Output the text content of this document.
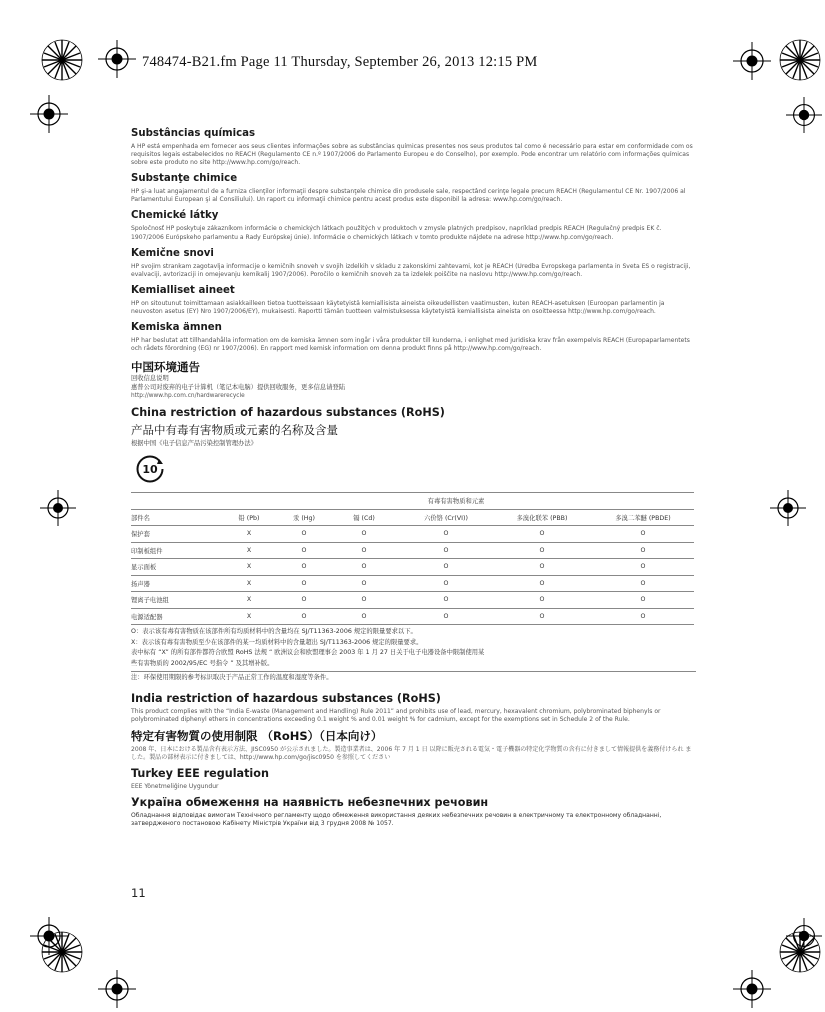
748474-B21.fm Page 11 Thursday, September 26, 2013 12:15 PM

Substâncias químicas

A HP está empenhada em fornecer aos seus clientes informações sobre as substâncias químicas presentes nos seus produtos tal como é necessário para estar em conformidade com os requisitos legais estabelecidos no REACH (Regulamento CE n.º 1907/2006 do Parlamento Europeu e do Conselho), por exemplo. Pode encontrar um relatório com informações químicas sobre este produto no site http://www.hp.com/go/reach.

Substanţe chimice

HP şi-a luat angajamentul de a furniza clienţilor informaţii despre substanţele chimice din produsele sale, respectând cerinţe legale precum REACH (Regulamentul CE Nr. 1907/2006 al Parlamentului European şi al Consiliului). Un raport cu informaţii chimice pentru acest produs este disponibil la adresa: www.hp.com/go/reach.

Chemické látky

Spoločnosť HP poskytuje zákazníkom informácie o chemických látkach použitých v produktoch v zmysle platných predpisov, napríklad predpis REACH (Regulačný predpis EK č. 1907/2006 Európskeho parlamentu a Rady Európskej únie). Informácie o chemických látkach v tomto produkte nájdete na adrese http://www.hp.com/go/reach.

Kemične snovi

HP svojim strankam zagotavlja informacije o kemičnih snoveh v svojih izdelkih v skladu z zakonskimi zahtevami, kot je REACH (Uredba Evropskega parlamenta in Sveta ES o registraciji, evalvaciji, avtorizaciji in omejevanju kemikalij 1907/2006). Poročilo o kemičnih snoveh za ta izdelek poiščite na naslovu http://www.hp.com/go/reach.

Kemialliset aineet

HP on sitoutunut toimittamaan asiakkailleen tietoa tuotteissaan käytetyistä kemiallisista aineista oikeudellisten vaatimusten, kuten REACH-asetuksen (Euroopan parlamentin ja neuvoston asetus (EY) Nro 1907/2006/EY), mukaisesti. Raportti tämän tuotteen valmistuksessa käytetyistä kemiallisista aineista on osoitteessa http://www.hp.com/go/reach.

Kemiska ämnen

HP har beslutat att tillhandahålla information om de kemiska ämnen som ingår i våra produkter till kunderna, i enlighet med juridiska krav från exempelvis REACH (Europaparlamentets och rådets förordning (EG) nr 1907/2006). En rapport med kemisk information om denna produkt finns på http://www.hp.com/go/reach.

中国环境通告

回收信息说明
惠普公司对废弃的电子计算机（笔记本电脑）提供回收服务，更多信息请登陆
http://www.hp.com.cn/hardwarerecycle

China restriction of hazardous substances (RoHS)

产品中有毒有害物质或元素的名称及含量

根据中国《电子信息产品污染控制管理办法》
10
	有毒有害物质和元素					
部件名	铅 (Pb)	汞 (Hg)	镉 (Cd)	六价铬 (Cr(VI))	多溴化联苯 (PBB)	多溴二苯醚 (PBDE)
保护套	X	O	O	O	O	O
印制板组件	X	O	O	O	O	O
显示面板	X	O	O	O	O	O
扬声器	X	O	O	O	O	O
锂离子电池组	X	O	O	O	O	O
电源适配器	X	O	O	O	O	O
O：表示该有毒有害物质在该部件所有均质材料中的含量均在 SJ/T11363-2006 规定的限量要求以下。
X：表示该有毒有害物质至少在该部件的某一均质材料中的含量超出 SJ/T11363-2006 规定的限量要求。
表中标有 “X” 的所有部件都符合欧盟 RoHS 法规 “ 欧洲议会和欧盟理事会 2003 年 1 月 27 日关于电子电器设备中限制使用某
些有害物质的 2002/95/EC 号指令 ” 及其增补版。
注：环保使用期限的参考标识取决于产品正常工作的温度和湿度等条件。

India restriction of hazardous substances (RoHS)

This product complies with the “India E-waste (Management and Handling) Rule 2011” and prohibits use of lead, mercury, hexavalent chromium, polybrominated biphenyls or polybrominated diphenyl ethers in concentrations exceeding 0.1 weight % and 0.01 weight % for cadmium, except for the exemptions set in Schedule 2 of the Rule.

特定有害物質の使用制限 （RoHS）（日本向け）

2008 年、日本における製品含有表示方法、JISC0950 が公示されました。製造事業者は、2006 年 7 月 1 日 以降に販売される電気・電子機器の特定化学物質の含有に付きまして情報提供を義務付けられ ました。製品の部材表示に付きましては、http://www.hp.com/go/jisc0950 を参照してください

Turkey EEE regulation

EEE Yönetmeliğine Uygundur

Україна обмеження на наявність небезпечних речовин

Обладнання відповідає вимогам Технічного регламенту щодо обмеження використання деяких небезпечних речовин в електричному та електронному обладнанні, затвердженого постановою Кабінету Міністрів України від 3 грудня 2008 № 1057.

11
